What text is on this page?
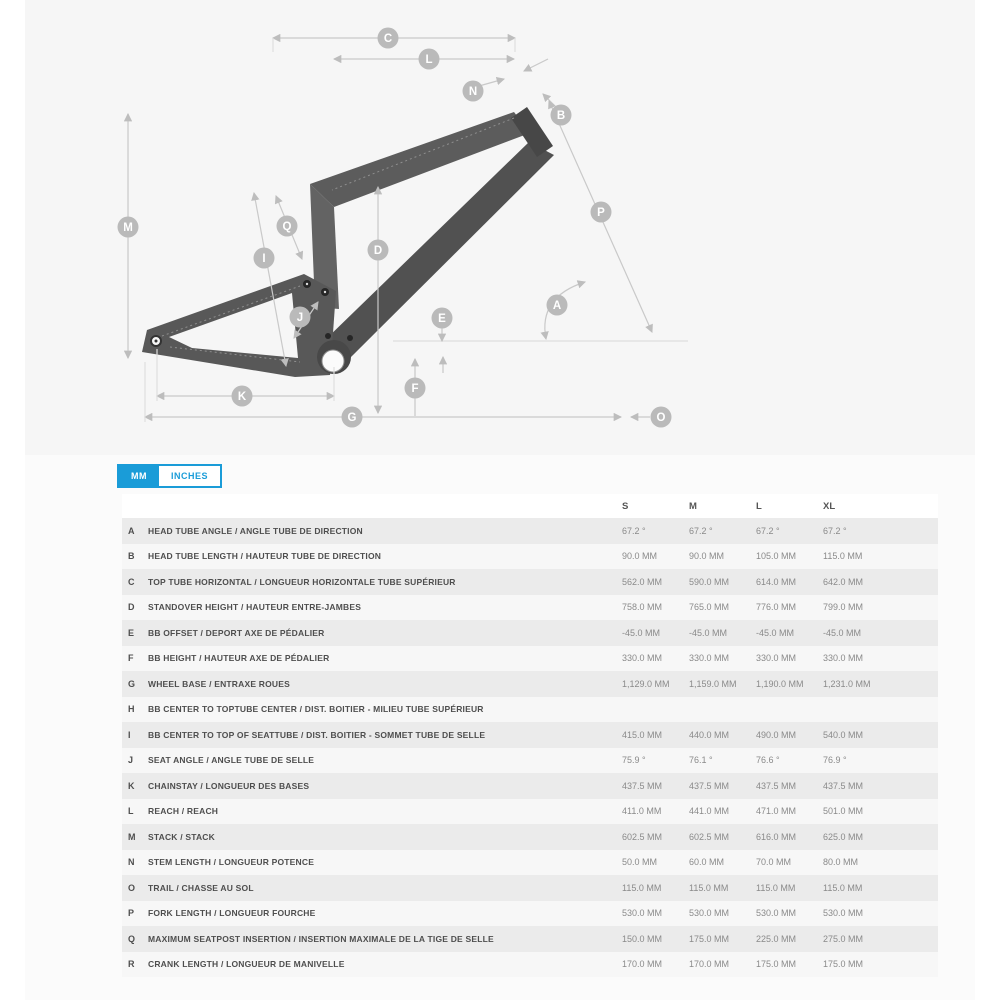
C
L
N
B
P
A
M	Q
I
D
J	E
F
K
G	O
MM	INCHES
S	M	L	XL
A	HEAD TUBE ANGLE / ANGLE TUBE DE DIRECTION	67.2 °	67.2 °	67.2 °	67.2 °
B	HEAD TUBE LENGTH / HAUTEUR TUBE DE DIRECTION	90.0 MM	90.0 MM	105.0 MM	115.0 MM
C	TOP TUBE HORIZONTAL / LONGUEUR HORIZONTALE TUBE SUPÉRIEUR	562.0 MM	590.0 MM	614.0 MM	642.0 MM
D	STANDOVER HEIGHT / HAUTEUR ENTRE-JAMBES	758.0 MM	765.0 MM	776.0 MM	799.0 MM
E	BB OFFSET / DEPORT AXE DE PÉDALIER	-45.0 MM	-45.0 MM	-45.0 MM	-45.0 MM
F	BB HEIGHT / HAUTEUR AXE DE PÉDALIER	330.0 MM	330.0 MM	330.0 MM	330.0 MM
G	WHEEL BASE / ENTRAXE ROUES	1,129.0 MM	1,159.0 MM	1,190.0 MM	1,231.0 MM
H	BB CENTER TO TOPTUBE CENTER / DIST. BOITIER - MILIEU TUBE SUPÉRIEUR
I	BB CENTER TO TOP OF SEATTUBE / DIST. BOITIER - SOMMET TUBE DE SELLE	415.0 MM	440.0 MM	490.0 MM	540.0 MM
J	SEAT ANGLE / ANGLE TUBE DE SELLE	75.9 °	76.1 °	76.6 °	76.9 °
K	CHAINSTAY / LONGUEUR DES BASES	437.5 MM	437.5 MM	437.5 MM	437.5 MM
L	REACH / REACH	411.0 MM	441.0 MM	471.0 MM	501.0 MM
M	STACK / STACK	602.5 MM	602.5 MM	616.0 MM	625.0 MM
N	STEM LENGTH / LONGUEUR POTENCE	50.0 MM	60.0 MM	70.0 MM	80.0 MM
O	TRAIL / CHASSE AU SOL	115.0 MM	115.0 MM	115.0 MM	115.0 MM
P	FORK LENGTH / LONGUEUR FOURCHE	530.0 MM	530.0 MM	530.0 MM	530.0 MM
Q	MAXIMUM SEATPOST INSERTION / INSERTION MAXIMALE DE LA TIGE DE SELLE	150.0 MM	175.0 MM	225.0 MM	275.0 MM
R	CRANK LENGTH / LONGUEUR DE MANIVELLE	170.0 MM	170.0 MM	175.0 MM	175.0 MM
